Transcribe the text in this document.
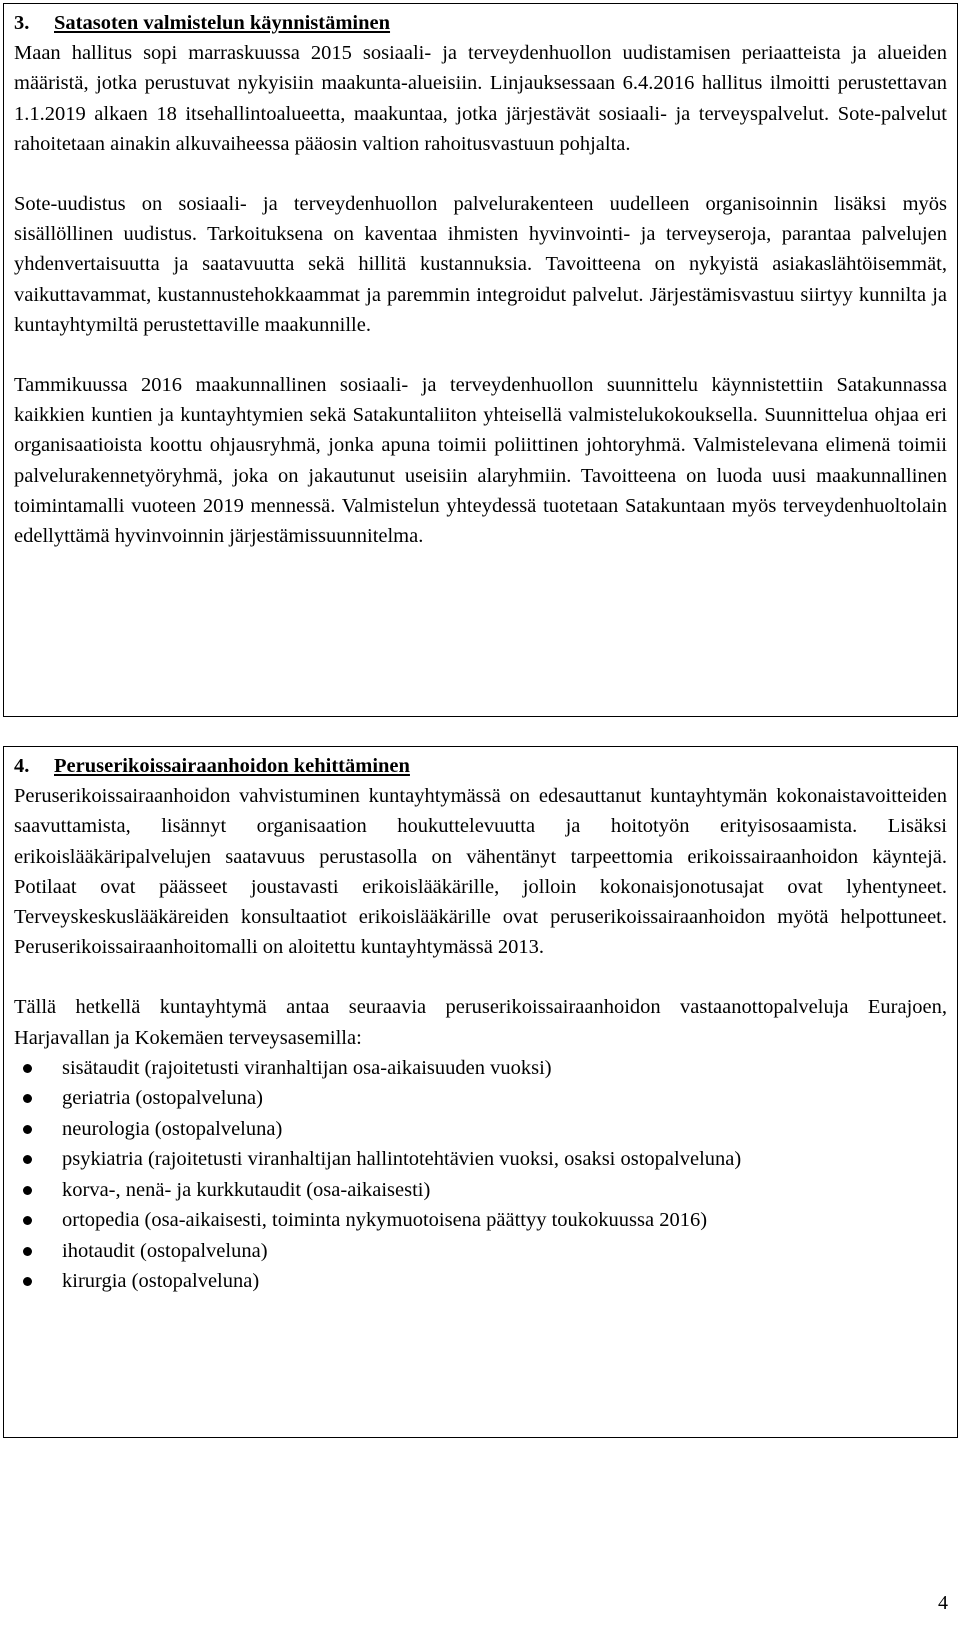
3. Satasoten valmistelun käynnistäminen

Maan hallitus sopi marraskuussa 2015 sosiaali- ja terveydenhuollon uudistamisen periaatteista ja alueiden määristä, jotka perustuvat nykyisiin maakunta-alueisiin. Linjauksessaan 6.4.2016 hallitus ilmoitti perustettavan 1.1.2019 alkaen 18 itsehallintoalueetta, maakuntaa, jotka järjestävät sosiaali- ja terveyspalvelut. Sote-palvelut rahoitetaan ainakin alkuvaiheessa pääosin valtion rahoitusvastuun pohjalta.

Sote-uudistus on sosiaali- ja terveydenhuollon palvelurakenteen uudelleen organisoinnin lisäksi myös sisällöllinen uudistus. Tarkoituksena on kaventaa ihmisten hyvinvointi- ja terveyseroja, parantaa palvelujen yhdenvertaisuutta ja saatavuutta sekä hillitä kustannuksia. Tavoitteena on nykyistä asiakaslähtöisemmät, vaikuttavammat, kustannustehokkaammat ja paremmin integroidut palvelut. Järjestämisvastuu siirtyy kunnilta ja kuntayhtymiltä perustettaville maakunnille.

Tammikuussa 2016 maakunnallinen sosiaali- ja terveydenhuollon suunnittelu käynnistettiin Satakunnassa kaikkien kuntien ja kuntayhtymien sekä Satakuntaliiton yhteisellä valmistelukokouksella. Suunnittelua ohjaa eri organisaatioista koottu ohjausryhmä, jonka apuna toimii poliittinen johtoryhmä. Valmistelevana elimenä toimii palvelurakennetyöryhmä, joka on jakautunut useisiin alaryhmiin. Tavoitteena on luoda uusi maakunnallinen toimintamalli vuoteen 2019 mennessä. Valmistelun yhteydessä tuotetaan Satakuntaan myös terveydenhuoltolain edellyttämä hyvinvoinnin järjestämissuunnitelma.

4. Peruserikoissairaanhoidon kehittäminen

Peruserikoissairaanhoidon vahvistuminen kuntayhtymässä on edesauttanut kuntayhtymän kokonaistavoitteiden saavuttamista, lisännyt organisaation houkuttelevuutta ja hoitotyön erityisosaamista. Lisäksi erikoislääkäripalvelujen saatavuus perustasolla on vähentänyt tarpeettomia erikoissairaanhoidon käyntejä. Potilaat ovat päässeet joustavasti erikoislääkärille, jolloin kokonaisjonotusajat ovat lyhentyneet. Terveyskeskuslääkäreiden konsultaatiot erikoislääkärille ovat peruserikoissairaanhoidon myötä helpottuneet. Peruserikoissairaanhoitomalli on aloitettu kuntayhtymässä 2013.

Tällä hetkellä kuntayhtymä antaa seuraavia peruserikoissairaanhoidon vastaanottopalveluja Eurajoen, Harjavallan ja Kokemäen terveysasemilla:

sisätaudit (rajoitetusti viranhaltijan osa-aikaisuuden vuoksi)
geriatria (ostopalveluna)
neurologia (ostopalveluna)
psykiatria (rajoitetusti viranhaltijan hallintotehtävien vuoksi, osaksi ostopalveluna)
korva-, nenä- ja kurkkutaudit (osa-aikaisesti)
ortopedia (osa-aikaisesti, toiminta nykymuotoisena päättyy toukokuussa 2016)
ihotaudit (ostopalveluna)
kirurgia (ostopalveluna)
4
